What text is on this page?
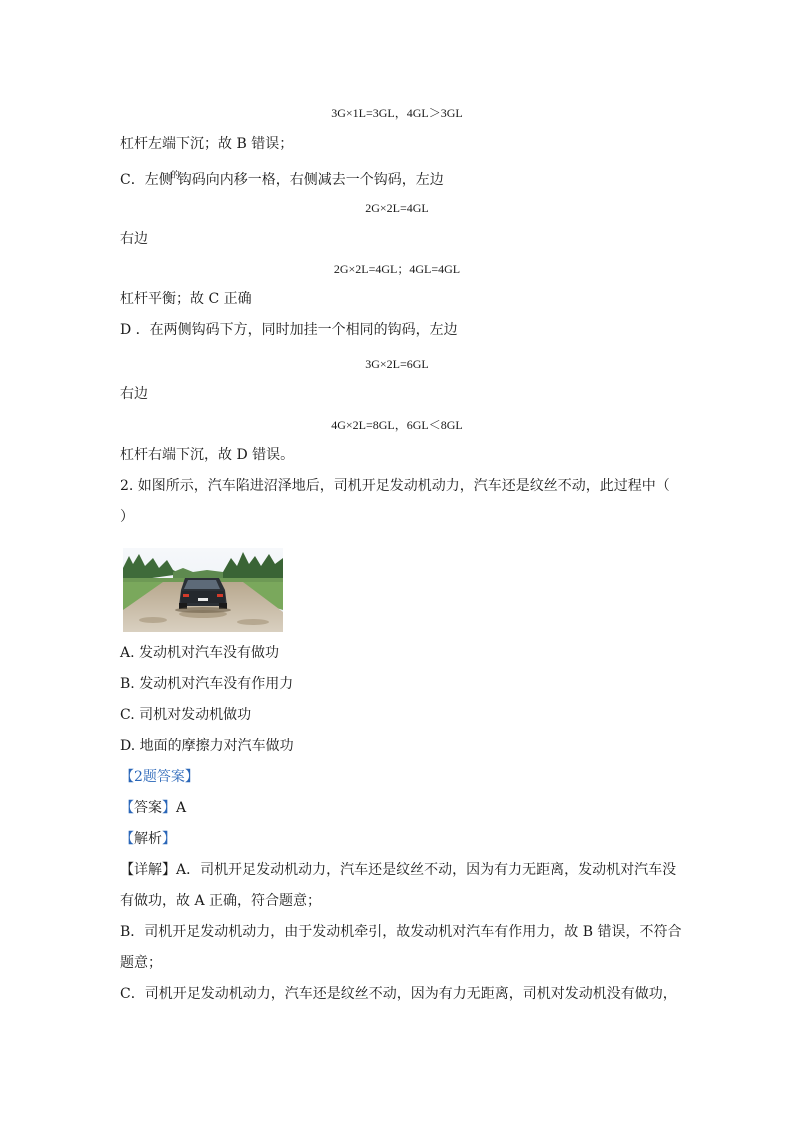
3G×1L=3GL，4GL＞3GL
杠杆左端下沉；故 B 错误；
C．左侧$^的$钩码向内移一格，右侧减去一个钩码，左边
2G×2L=4GL
右边
2G×2L=4GL；4GL=4GL
杠杆平衡；故 C 正确
D ．在两侧钩码下方，同时加挂一个相同的钩码，左边
3G×2L=6GL
右边
4G×2L=8GL，6GL＜8GL
杠杆右端下沉，故 D 错误。
2. 如图所示，汽车陷进沼泽地后，司机开足发动机动力，汽车还是纹丝不动，此过程中（
）
A. 发动机对汽车没有做功
B. 发动机对汽车没有作用力
C. 司机对发动机做功
D. 地面的摩擦力对汽车做功
【2题答案】
【答案】A
【解析】
【详解】A．司机开足发动机动力，汽车还是纹丝不动，因为有力无距离，发动机对汽车没
有做功，故 A 正确，符合题意；
B．司机开足发动机动力，由于发动机牵引，故发动机对汽车有作用力，故 B 错误，不符合
题意；
C．司机开足发动机动力，汽车还是纹丝不动，因为有力无距离，司机对发动机没有做功，
